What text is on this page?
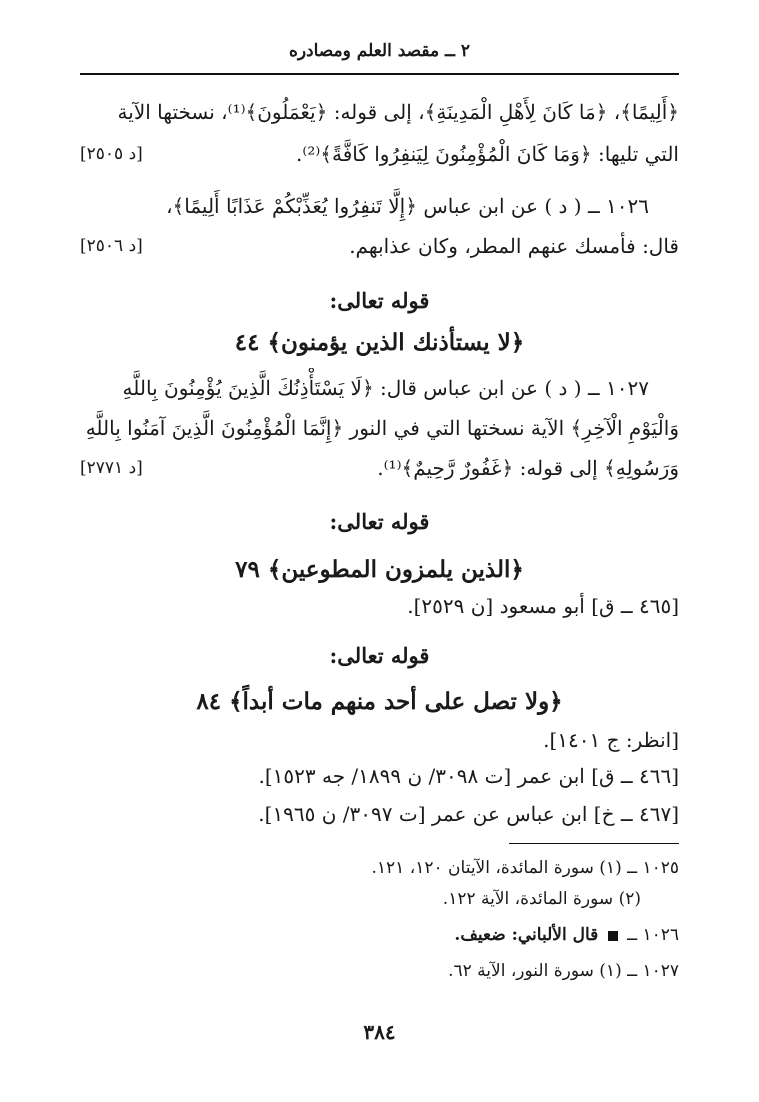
٢ ــ مقصد العلم ومصادره
﴿أَلِيمًا﴾، ﴿مَا كَانَ لِأَهْلِ الْمَدِينَةِ﴾، إلى قوله: ﴿يَعْمَلُونَ﴾⁽¹⁾، نسختها الآية
التي تليها: ﴿وَمَا كَانَ الْمُؤْمِنُونَ لِيَنفِرُوا كَافَّةً﴾⁽²⁾.
[د ٢٥٠٥]
١٠٢٦ ــ ( د ) عن ابن عباس ﴿إِلَّا تَنفِرُوا يُعَذِّبْكُمْ عَذَابًا أَلِيمًا﴾،
قال: فأمسك عنهم المطر، وكان عذابهم.
[د ٢٥٠٦]
قوله تعالى:
﴿لا يستأذنك الذين يؤمنون﴾ ٤٤
١٠٢٧ ــ ( د ) عن ابن عباس قال: ﴿لَا يَسْتَأْذِنُكَ الَّذِينَ يُؤْمِنُونَ بِاللَّهِ
وَالْيَوْمِ الْآخِرِ﴾ الآية نسختها التي في النور ﴿إِنَّمَا الْمُؤْمِنُونَ الَّذِينَ آمَنُوا بِاللَّهِ
وَرَسُولِهِ﴾ إلى قوله: ﴿غَفُورٌ رَّحِيمٌ﴾⁽¹⁾.
[د ٢٧٧١]
قوله تعالى:
﴿الذين يلمزون المطوعين﴾ ٧٩
[٤٦٥ ــ ق] أبو مسعود [ن ٢٥٢٩].
قوله تعالى:
﴿ولا تصل على أحد منهم مات أبداً﴾ ٨٤
[انظر: ج ١٤٠١].
[٤٦٦ ــ ق] ابن عمر [ت ٣٠٩٨/ ن ١٨٩٩/ جه ١٥٢٣].
[٤٦٧ ــ خ] ابن عباس عن عمر [ت ٣٠٩٧/ ن ١٩٦٥].
١٠٢٥ ــ (١) سورة المائدة، الآيتان ١٢٠، ١٢١.
(٢) سورة المائدة، الآية ١٢٢.
١٠٢٦ ــ  قال الألباني: ضعيف.
١٠٢٧ ــ (١) سورة النور، الآية ٦٢.
٣٨٤
